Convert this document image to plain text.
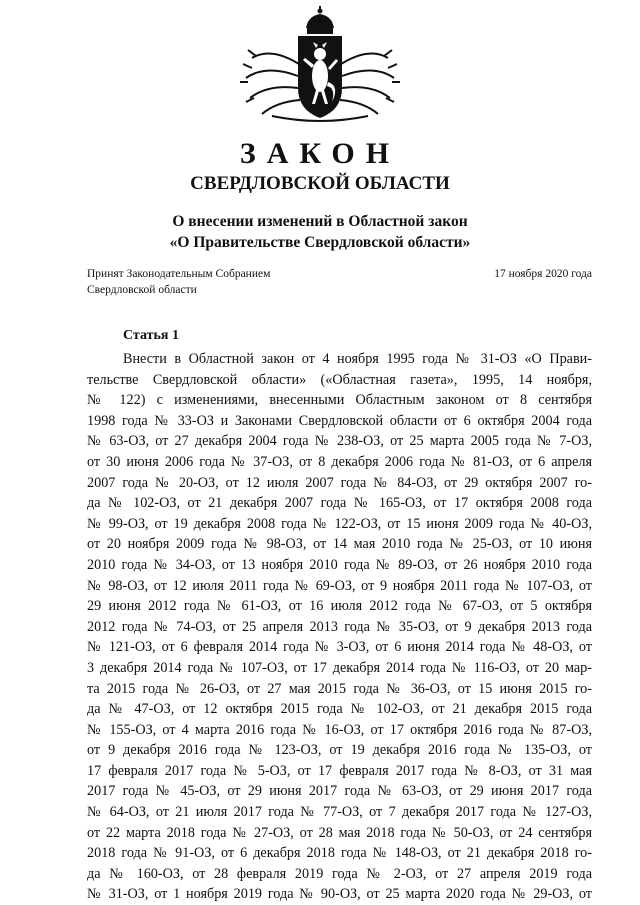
ЗАКОН
СВЕРДЛОВСКОЙ ОБЛАСТИ
О внесении изменений в Областной закон
«О Правительстве Свердловской области»
Принят Законодательным Собранием
Свердловской области
17 ноября 2020 года
Статья 1
Внести в Областной закон от 4 ноября 1995 года № 31-ОЗ «О Прави-
тельстве Свердловской области» («Областная газета», 1995, 14 ноября,
№ 122) с изменениями, внесенными Областным законом от 8 сентября
1998 года № 33-ОЗ и Законами Свердловской области от 6 октября 2004 года
№ 63-ОЗ, от 27 декабря 2004 года № 238-ОЗ, от 25 марта 2005 года № 7-ОЗ,
от 30 июня 2006 года № 37-ОЗ, от 8 декабря 2006 года № 81-ОЗ, от 6 апреля
2007 года № 20-ОЗ, от 12 июля 2007 года № 84-ОЗ, от 29 октября 2007 го-
да № 102-ОЗ, от 21 декабря 2007 года № 165-ОЗ, от 17 октября 2008 года
№ 99-ОЗ, от 19 декабря 2008 года № 122-ОЗ, от 15 июня 2009 года № 40-ОЗ,
от 20 ноября 2009 года № 98-ОЗ, от 14 мая 2010 года № 25-ОЗ, от 10 июня
2010 года № 34-ОЗ, от 13 ноября 2010 года № 89-ОЗ, от 26 ноября 2010 года
№ 98-ОЗ, от 12 июля 2011 года № 69-ОЗ, от 9 ноября 2011 года № 107-ОЗ, от
29 июня 2012 года № 61-ОЗ, от 16 июля 2012 года № 67-ОЗ, от 5 октября
2012 года № 74-ОЗ, от 25 апреля 2013 года № 35-ОЗ, от 9 декабря 2013 года
№ 121-ОЗ, от 6 февраля 2014 года № 3-ОЗ, от 6 июня 2014 года № 48-ОЗ, от
3 декабря 2014 года № 107-ОЗ, от 17 декабря 2014 года № 116-ОЗ, от 20 мар-
та 2015 года № 26-ОЗ, от 27 мая 2015 года № 36-ОЗ, от 15 июня 2015 го-
да № 47-ОЗ, от 12 октября 2015 года № 102-ОЗ, от 21 декабря 2015 года
№ 155-ОЗ, от 4 марта 2016 года № 16-ОЗ, от 17 октября 2016 года № 87-ОЗ,
от 9 декабря 2016 года № 123-ОЗ, от 19 декабря 2016 года № 135-ОЗ, от
17 февраля 2017 года № 5-ОЗ, от 17 февраля 2017 года № 8-ОЗ, от 31 мая
2017 года № 45-ОЗ, от 29 июня 2017 года № 63-ОЗ, от 29 июня 2017 года
№ 64-ОЗ, от 21 июля 2017 года № 77-ОЗ, от 7 декабря 2017 года № 127-ОЗ,
от 22 марта 2018 года № 27-ОЗ, от 28 мая 2018 года № 50-ОЗ, от 24 сентября
2018 года № 91-ОЗ, от 6 декабря 2018 года № 148-ОЗ, от 21 декабря 2018 го-
да № 160-ОЗ, от 28 февраля 2019 года № 2-ОЗ, от 27 апреля 2019 года
№ 31-ОЗ, от 1 ноября 2019 года № 90-ОЗ, от 25 марта 2020 года № 29-ОЗ, от
